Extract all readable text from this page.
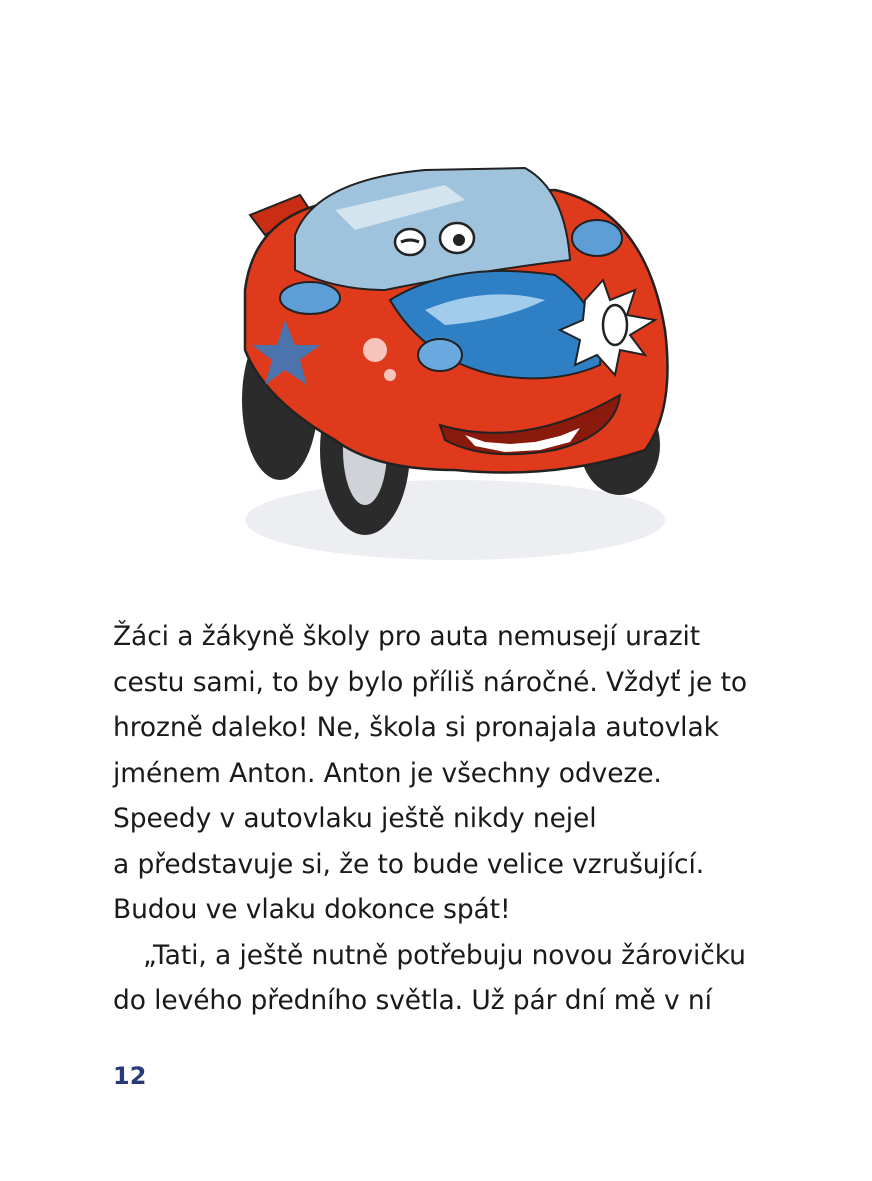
Žáci a žákyně školy pro auta nemusejí urazit
cestu sami, to by bylo příliš náročné. Vždyť je to
hrozně daleko! Ne, škola si pronajala autovlak
jménem Anton. Anton je všechny odveze.
Speedy v autovlaku ještě nikdy nejel
a představuje si, že to bude velice vzrušující.
Budou ve vlaku dokonce spát!
„Tati, a ještě nutně potřebuju novou žárovičku
do levého předního světla. Už pár dní mě v ní
12
